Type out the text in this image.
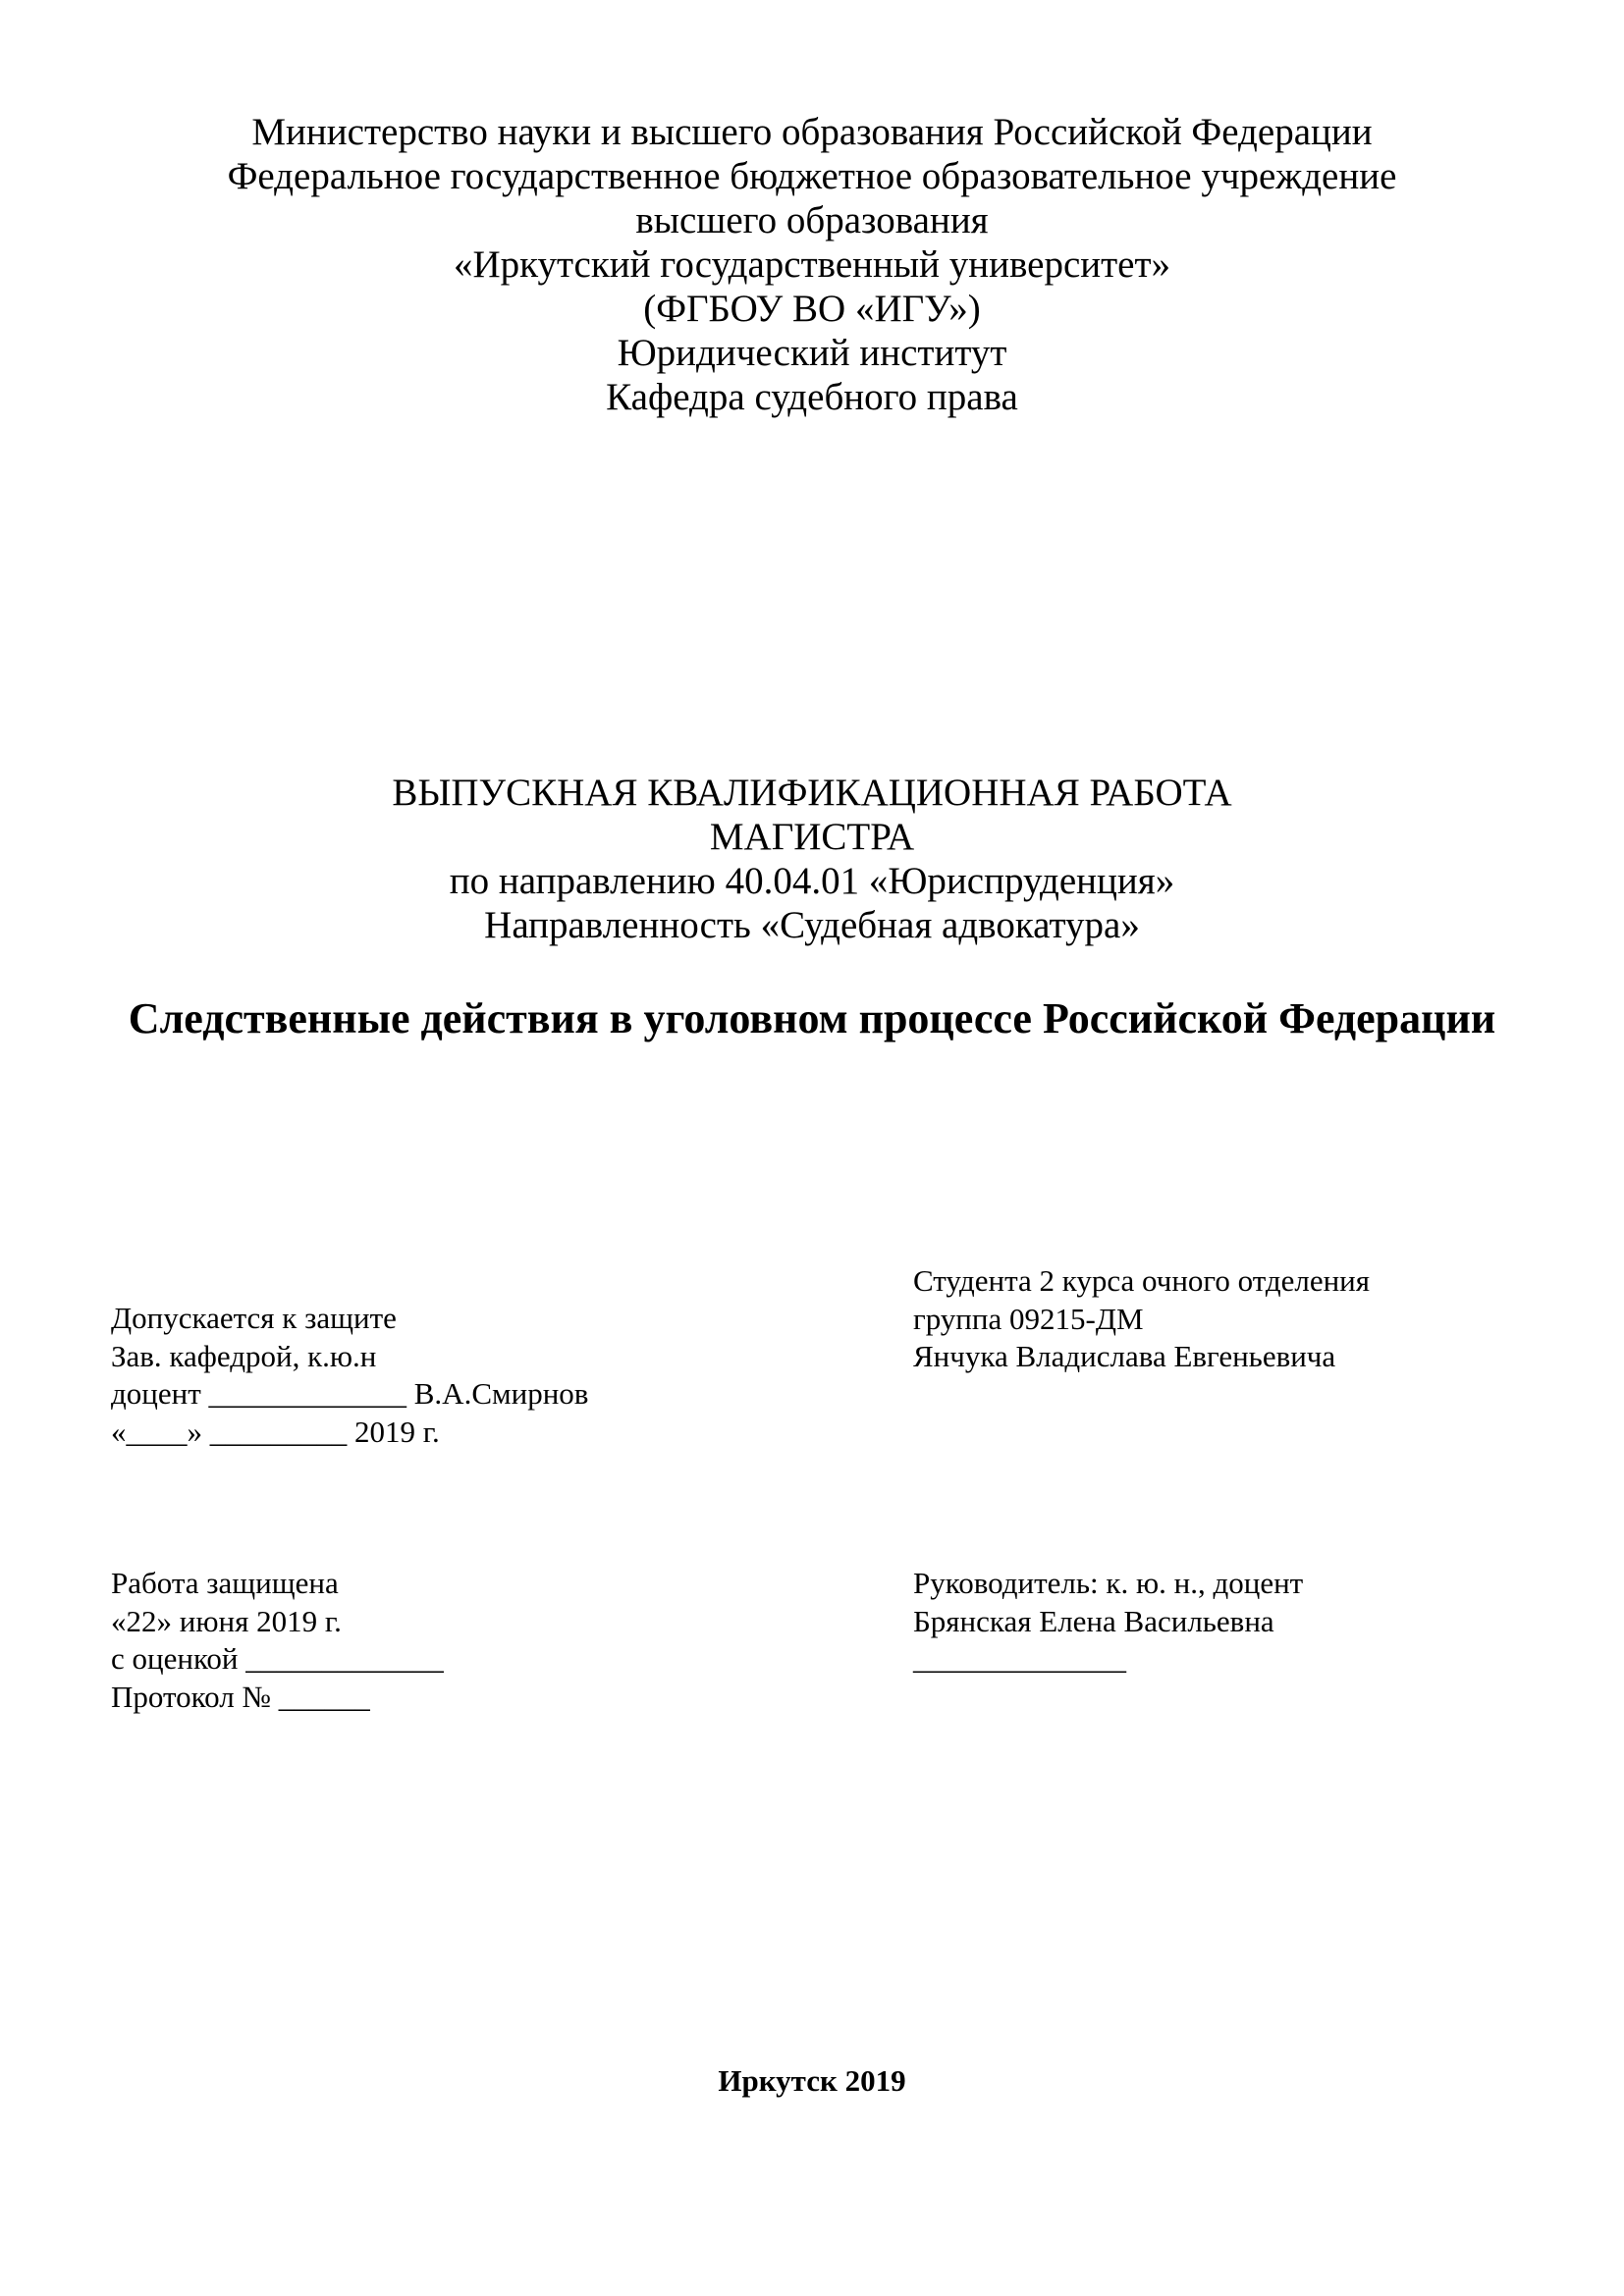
Министерство науки и высшего образования Российской Федерации
Федеральное государственное бюджетное образовательное учреждение
высшего образования
«Иркутский государственный университет»
(ФГБОУ ВО «ИГУ»)
Юридический институт
Кафедра судебного права
ВЫПУСКНАЯ КВАЛИФИКАЦИОННАЯ РАБОТА
МАГИСТРА
по направлению 40.04.01 «Юриспруденция»
Направленность «Судебная адвокатура»
Следственные действия в уголовном процессе Российской Федерации
Допускается к защите
Зав. кафедрой, к.ю.н
доцент _____________ В.А.Смирнов
«____» _________ 2019 г.
Студента 2 курса очного отделения
группа 09215-ДМ
Янчука Владислава Евгеньевича
Работа защищена
«22» июня 2019 г.
с оценкой _____________
Протокол № ______
Руководитель: к. ю. н., доцент
Брянская Елена Васильевна
______________
Иркутск 2019
